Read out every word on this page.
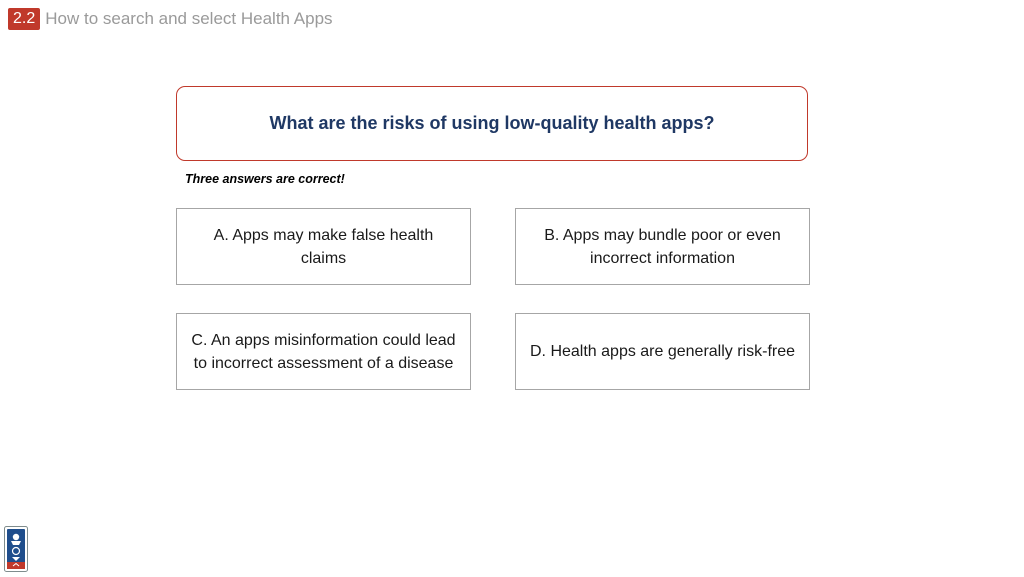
2.2 How to search and select Health Apps
What are the risks of using low-quality health apps?
Three answers are correct!
A. Apps may make false health claims
B. Apps may bundle poor or even incorrect information
C. An apps misinformation could lead to incorrect assessment of a disease
D. Health apps are generally risk-free
